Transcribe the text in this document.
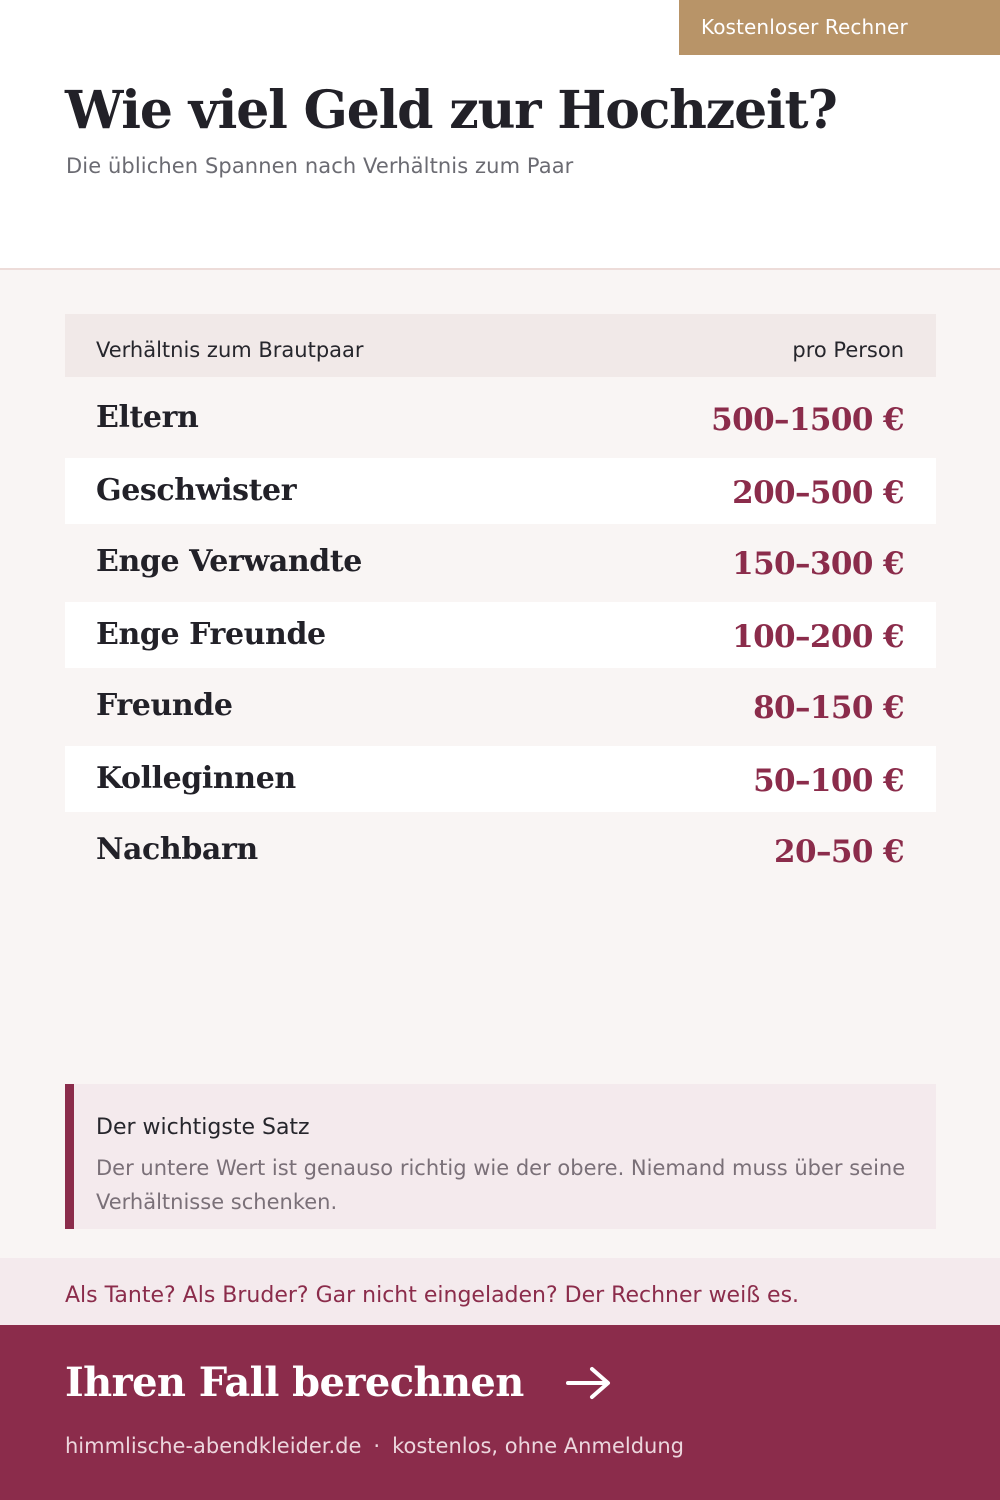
Kostenloser Rechner
Wie viel Geld zur Hochzeit?

Die üblichen Spannen nach Verhältnis zum Paar

Verhältnis zum Brautpaar	pro Person
Eltern	500–1500 €
Geschwister	200–500 €
Enge Verwandte	150–300 €
Enge Freunde	100–200 €
Freunde	80–150 €
Kolleginnen	50–100 €
Nachbarn	20–50 €
Der wichtigste Satz
Der untere Wert ist genauso richtig wie der obere. Niemand muss über seine Verhältnisse schenken.
Als Tante? Als Bruder? Gar nicht eingeladen? Der Rechner weiß es.
Ihren Fall berechnen
himmlische-abendkleider.de · kostenlos, ohne Anmeldung
